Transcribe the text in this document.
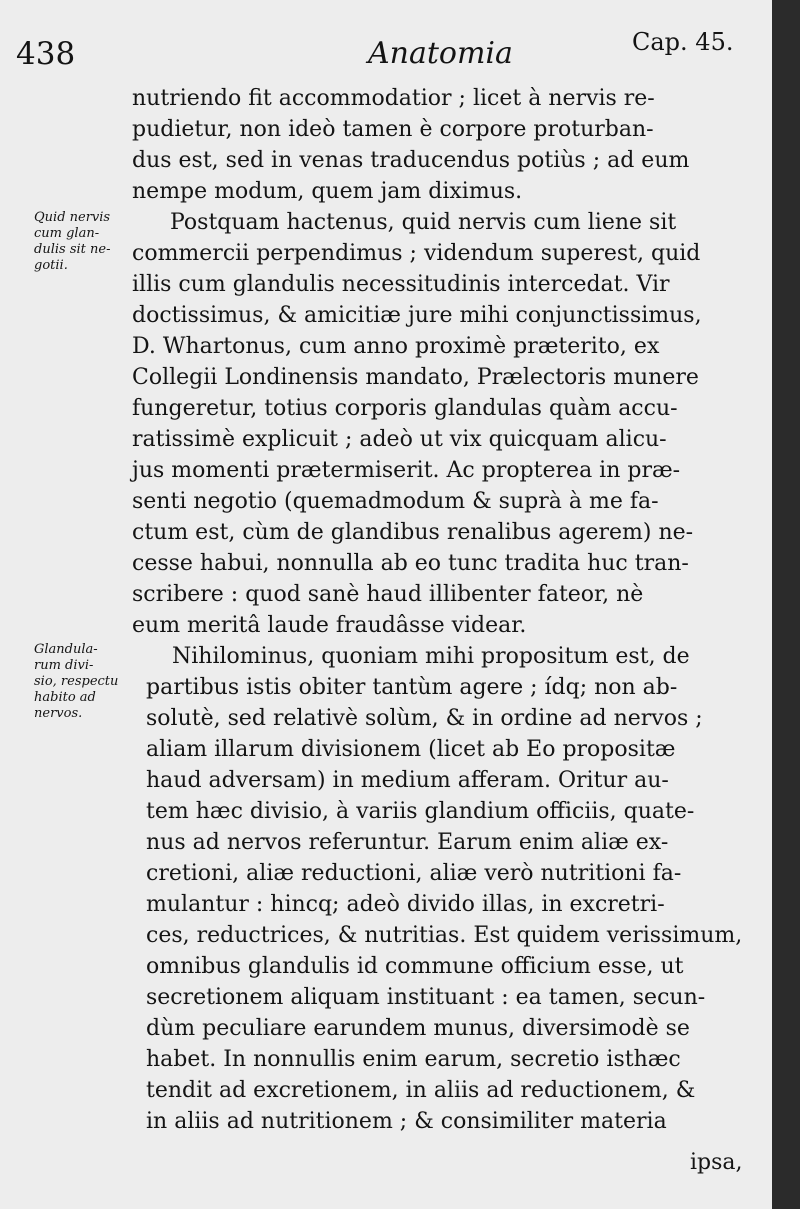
438	Anatomia	Cap. 45.
Quid nervis
cum glan-
dulis sit ne-
gotii.
Glandula-
rum divi-
sio, respectu
habito ad
nervos.
nutriendo fit accommodatior ; licet à nervis re-
pudietur, non ideò tamen è corpore proturban-
dus est, sed in venas traducendus potiùs ; ad eum
nempe modum, quem jam diximus.
Postquam hactenus, quid nervis cum liene sit
commercii perpendimus ; videndum superest, quid
illis cum glandulis necessitudinis intercedat. Vir
doctissimus, & amicitiæ jure mihi conjunctissimus,
D. Whartonus, cum anno proximè præterito, ex
Collegii Londinensis mandato, Prælectoris munere
fungeretur, totius corporis glandulas quàm accu-
ratissimè explicuit ; adeò ut vix quicquam alicu-
jus momenti prætermiserit. Ac propterea in præ-
senti negotio (quemadmodum & suprà à me fa-
ctum est, cùm de glandibus renalibus agerem) ne-
cesse habui, nonnulla ab eo tunc tradita huc tran-
scribere : quod sanè haud illibenter fateor, nè
eum meritâ laude fraudâsse videar.
Nihilominus, quoniam mihi propositum est, de
partibus istis obiter tantùm agere ; ídq; non ab-
solutè, sed relativè solùm, & in ordine ad nervos ;
aliam illarum divisionem (licet ab Eo propositæ
haud adversam) in medium afferam. Oritur au-
tem hæc divisio, à variis glandium officiis, quate-
nus ad nervos referuntur. Earum enim aliæ ex-
cretioni, aliæ reductioni, aliæ verò nutritioni fa-
mulantur : hincq; adeò divido illas, in excretri-
ces, reductrices, & nutritias. Est quidem verissimum,
omnibus glandulis id commune officium esse, ut
secretionem aliquam instituant : ea tamen, secun-
dùm peculiare earundem munus, diversimodè se
habet. In nonnullis enim earum, secretio isthæc
tendit ad excretionem, in aliis ad reductionem, &
in aliis ad nutritionem ; & consimiliter materia
ipsa,
